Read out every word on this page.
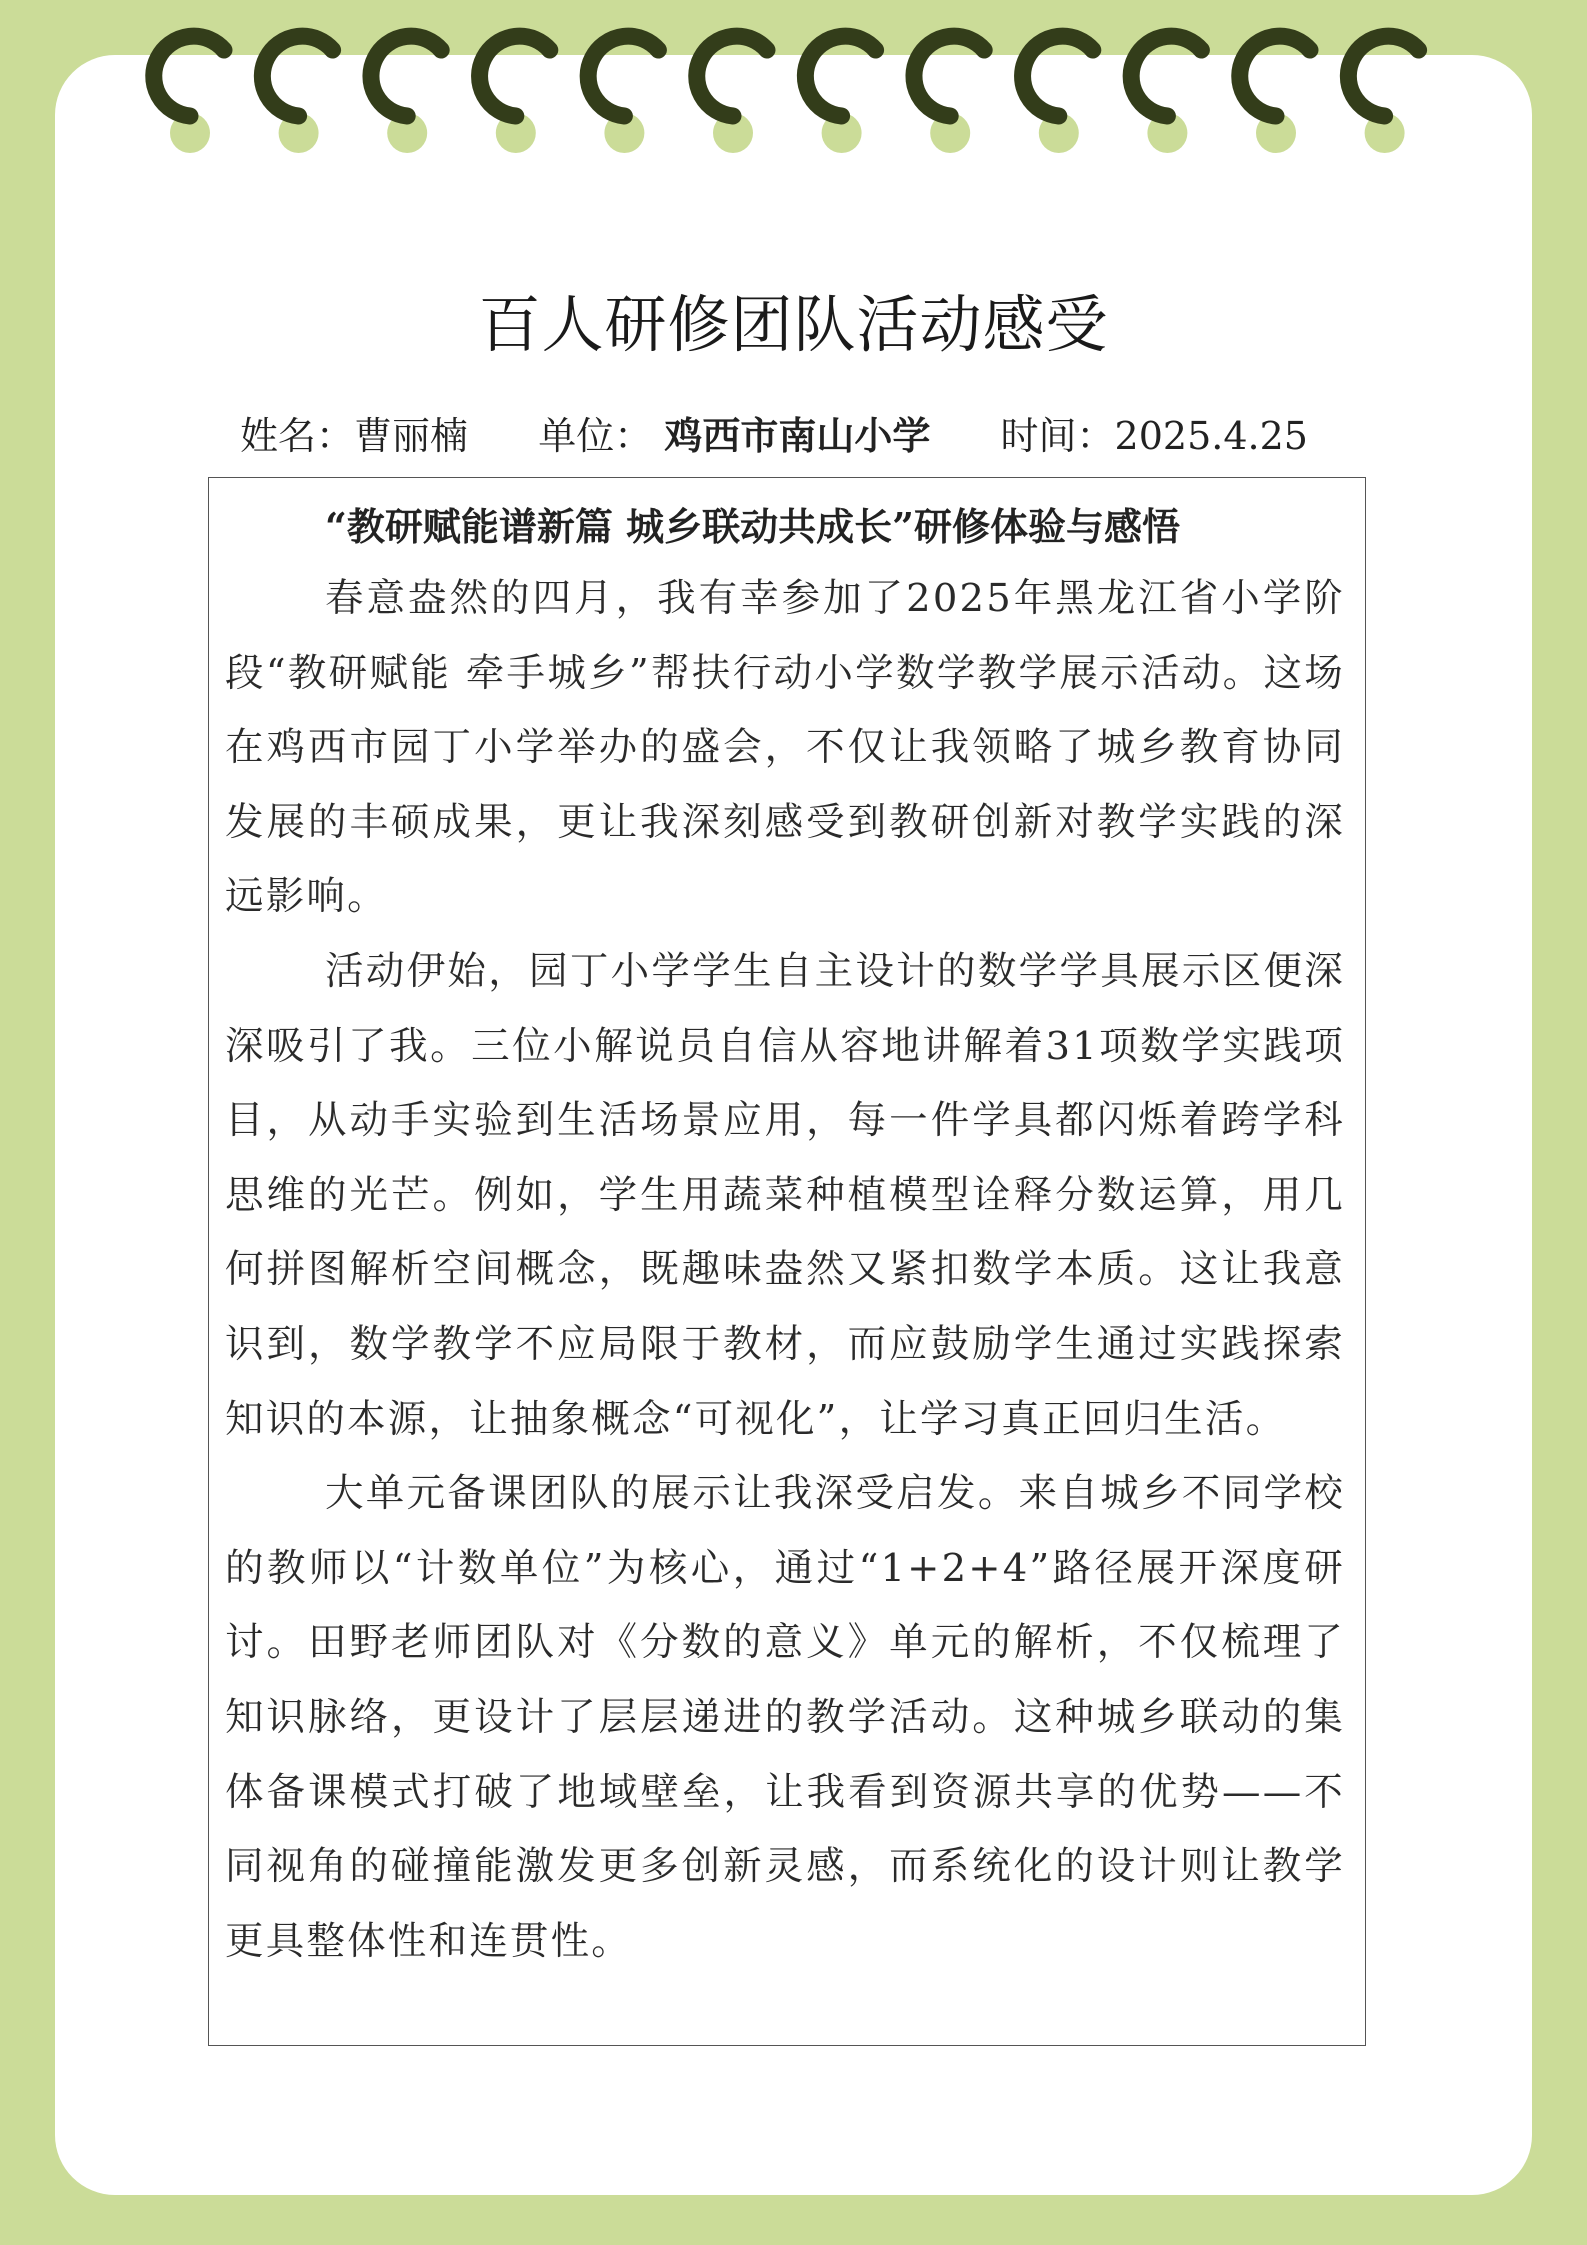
百人研修团队活动感受
姓名：曹丽楠 单位： 鸡西市南山小学 时间：2025.4.25
“教研赋能谱新篇 城乡联动共成长”研修体验与感悟

春意盎然的四月，我有幸参加了2025年黑龙江省小学阶段“教研赋能 牵手城乡”帮扶行动小学数学教学展示活动。这场在鸡西市园丁小学举办的盛会，不仅让我领略了城乡教育协同发展的丰硕成果，更让我深刻感受到教研创新对教学实践的深远影响。

活动伊始，园丁小学学生自主设计的数学学具展示区便深深吸引了我。三位小解说员自信从容地讲解着31项数学实践项目，从动手实验到生活场景应用，每一件学具都闪烁着跨学科思维的光芒。例如，学生用蔬菜种植模型诠释分数运算，用几何拼图解析空间概念，既趣味盎然又紧扣数学本质。这让我意识到，数学教学不应局限于教材，而应鼓励学生通过实践探索知识的本源，让抽象概念“可视化”，让学习真正回归生活。

大单元备课团队的展示让我深受启发。来自城乡不同学校的教师以“计数单位”为核心，通过“1+2+4”路径展开深度研讨。田野老师团队对《分数的意义》单元的解析，不仅梳理了知识脉络，更设计了层层递进的教学活动。这种城乡联动的集体备课模式打破了地域壁垒，让我看到资源共享的优势——不同视角的碰撞能激发更多创新灵感，而系统化的设计则让教学更具整体性和连贯性。
